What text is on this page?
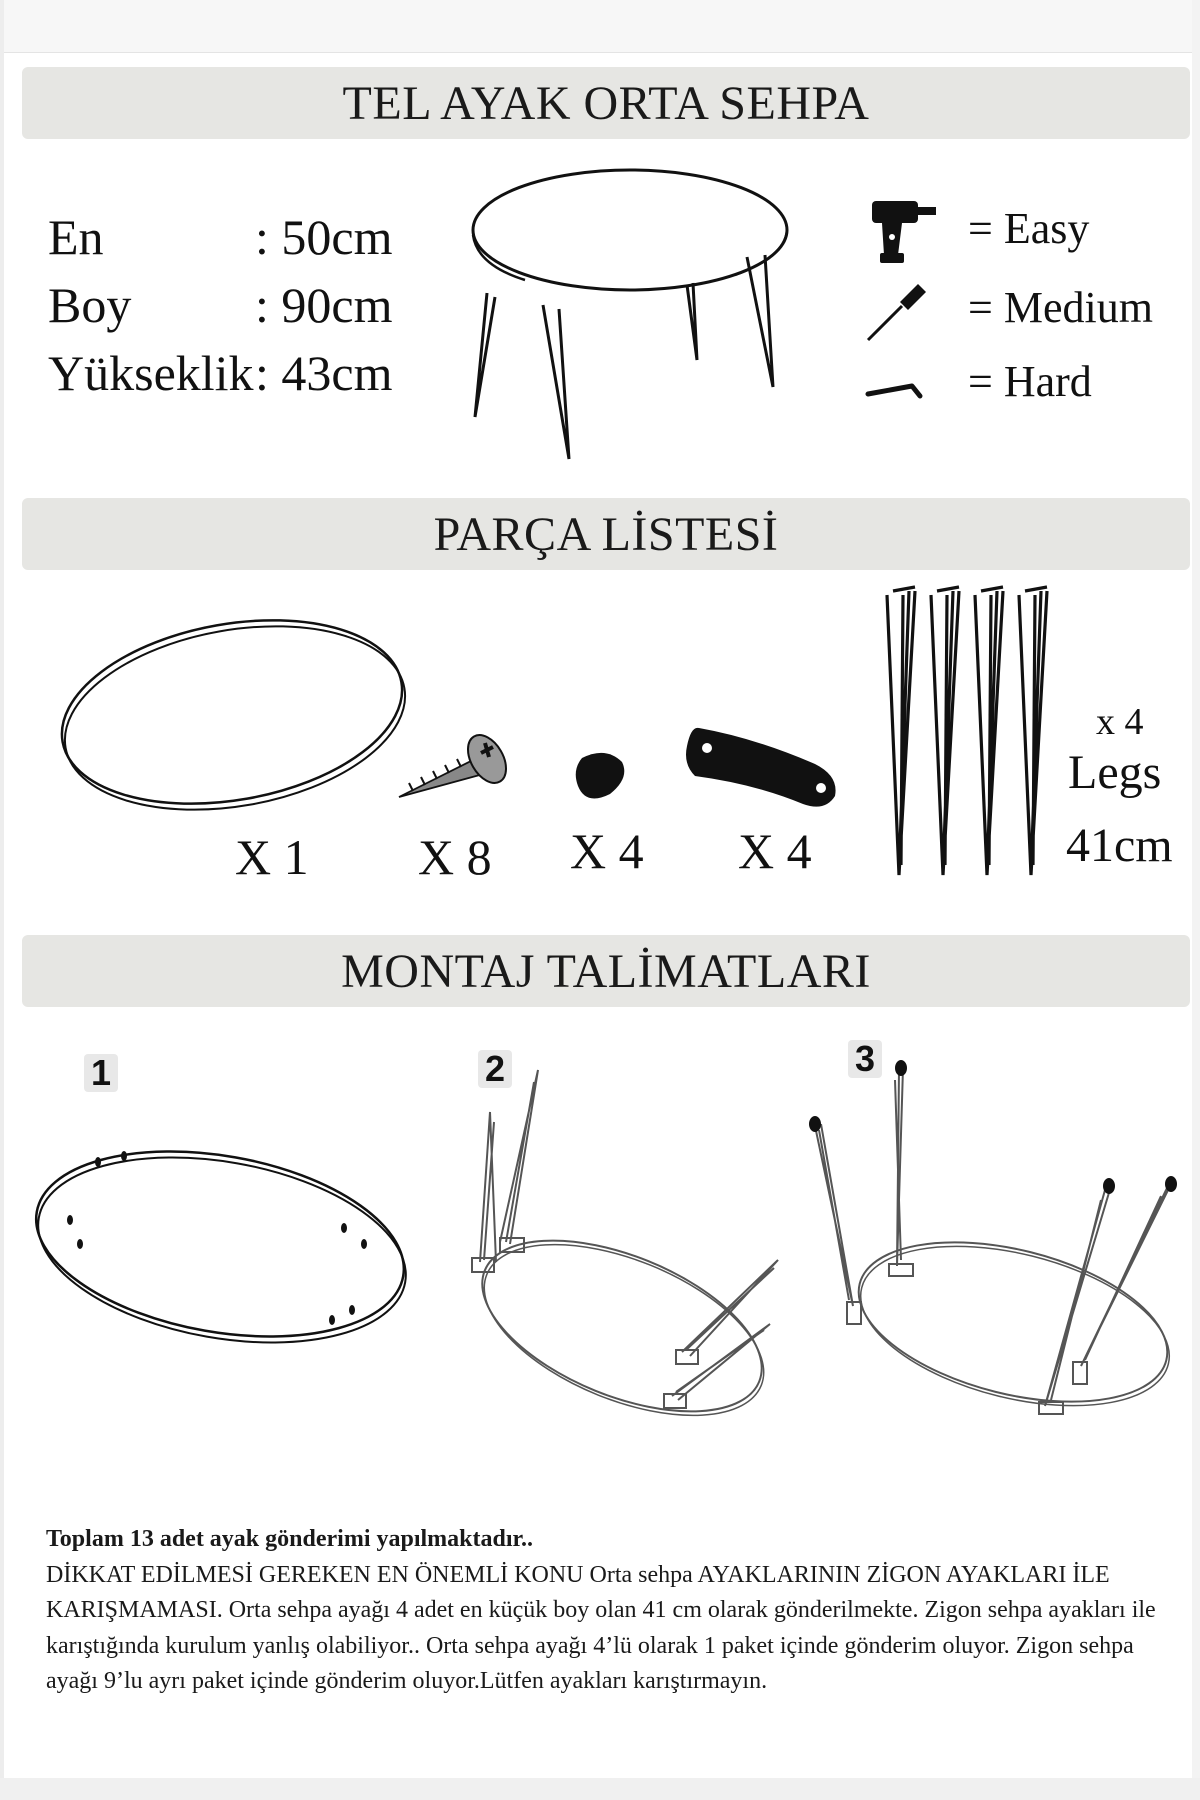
TEL AYAK ORTA SEHPA
En	: 50cm
Boy : 90cm
Yükseklik : 43cm
= Easy
= Medium
= Hard
PARÇA LİSTESİ
X 1 X 8 X 4 X 4
x 4
Legs
41cm
MONTAJ TALİMATLARI
1	2	3

Toplam 13 adet ayak gönderimi yapılmaktadır..

DİKKAT EDİLMESİ GEREKEN EN ÖNEMLİ KONU Orta sehpa AYAKLARININ ZİGON AYAKLARI İLE KARIŞMAMASI. Orta sehpa ayağı 4 adet en küçük boy olan 41 cm olarak gönderilmekte. Zigon sehpa ayakları ile karıştığında kurulum yanlış olabiliyor.. Orta sehpa ayağı 4’lü olarak 1 paket içinde gönderim oluyor. Zigon sehpa ayağı 9’lu ayrı paket içinde gönderim oluyor.Lütfen ayakları karıştırmayın.
